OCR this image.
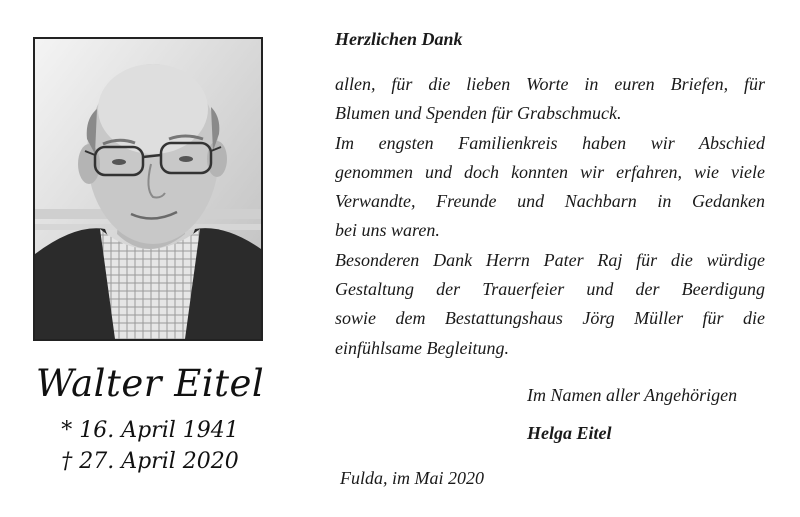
Walter Eitel
* 16. April 1941
† 27. April 2020
Herzlichen Dank

allen, für die lieben Worte in euren Briefen, für

Blumen und Spenden für Grabschmuck.

Im engsten Familienkreis haben wir Abschied

genommen und doch konnten wir erfahren, wie viele

Verwandte, Freunde und Nachbarn in Gedanken

bei uns waren.

Besonderen Dank Herrn Pater Raj für die würdige

Gestaltung der Trauerfeier und der Beerdigung

sowie dem Bestattungshaus Jörg Müller für die

einfühlsame Begleitung.

Im Namen aller Angehörigen
Helga Eitel
Fulda, im Mai 2020
